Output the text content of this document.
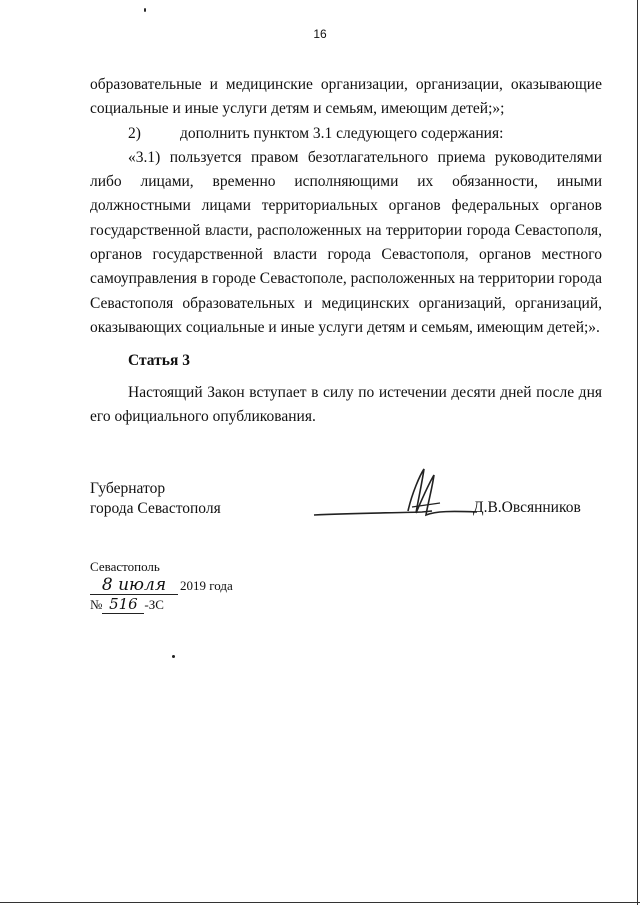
16

образовательные и медицинские организации, организации, оказывающие социальные и иные услуги детям и семьям, имеющим детей;»;

2)	дополнить пунктом 3.1 следующего содержания:

«3.1) пользуется правом безотлагательного приема руководителями либо лицами, временно исполняющими их обязанности, иными должностными лицами территориальных органов федеральных органов государственной власти, расположенных на территории города Севастополя, органов государственной власти города Севастополя, органов местного самоуправления в городе Севастополе, расположенных на территории города Севастополя образовательных и медицинских организаций, организаций, оказывающих социальные и иные услуги детям и семьям, имеющим детей;».

Статья 3

Настоящий Закон вступает в силу по истечении десяти дней после дня его официального опубликования.

Губернатор
города Севастополя	Д.В.Овсянников
Севастополь
8 июля	2019 года
№ 516 -ЗС
